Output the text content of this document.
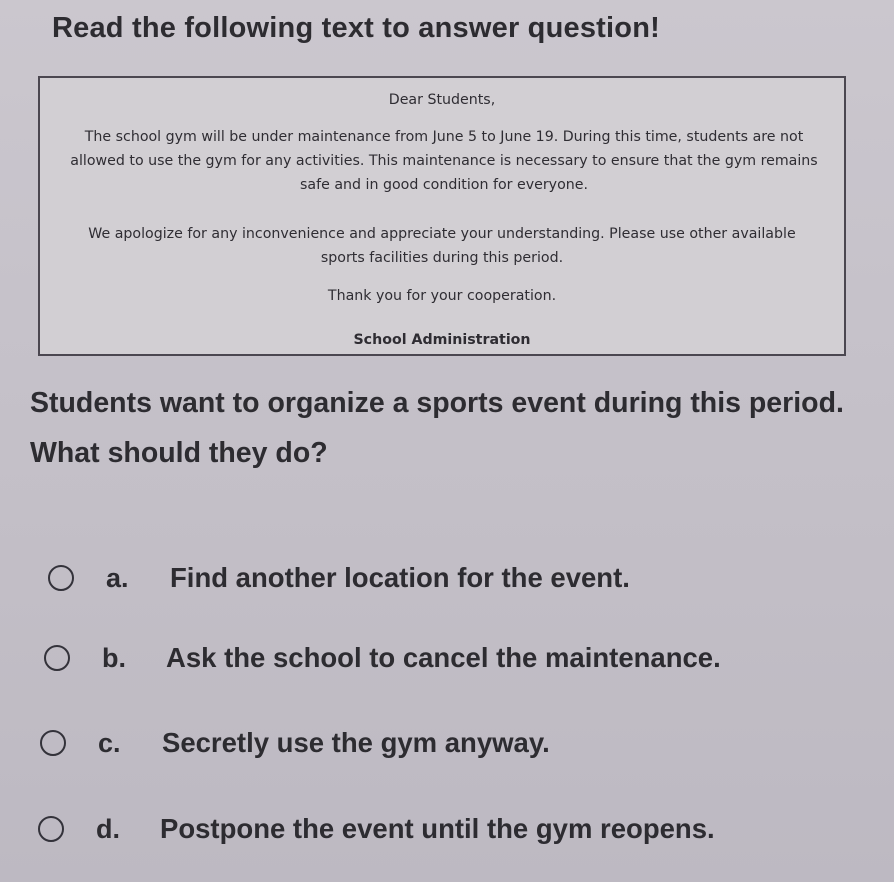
Read the following text to answer question!

Dear Students,

The school gym will be under maintenance from June 5 to June 19. During this time, students are not allowed to use the gym for any activities. This maintenance is necessary to ensure that the gym remains safe and in good condition for everyone.

We apologize for any inconvenience and appreciate your understanding. Please use other available sports facilities during this period.

Thank you for your cooperation.

School Administration

Students want to organize a sports event during this period. What should they do?

a.	Find another location for the event.
b.	Ask the school to cancel the maintenance.
c.	Secretly use the gym anyway.
d.	Postpone the event until the gym reopens.
